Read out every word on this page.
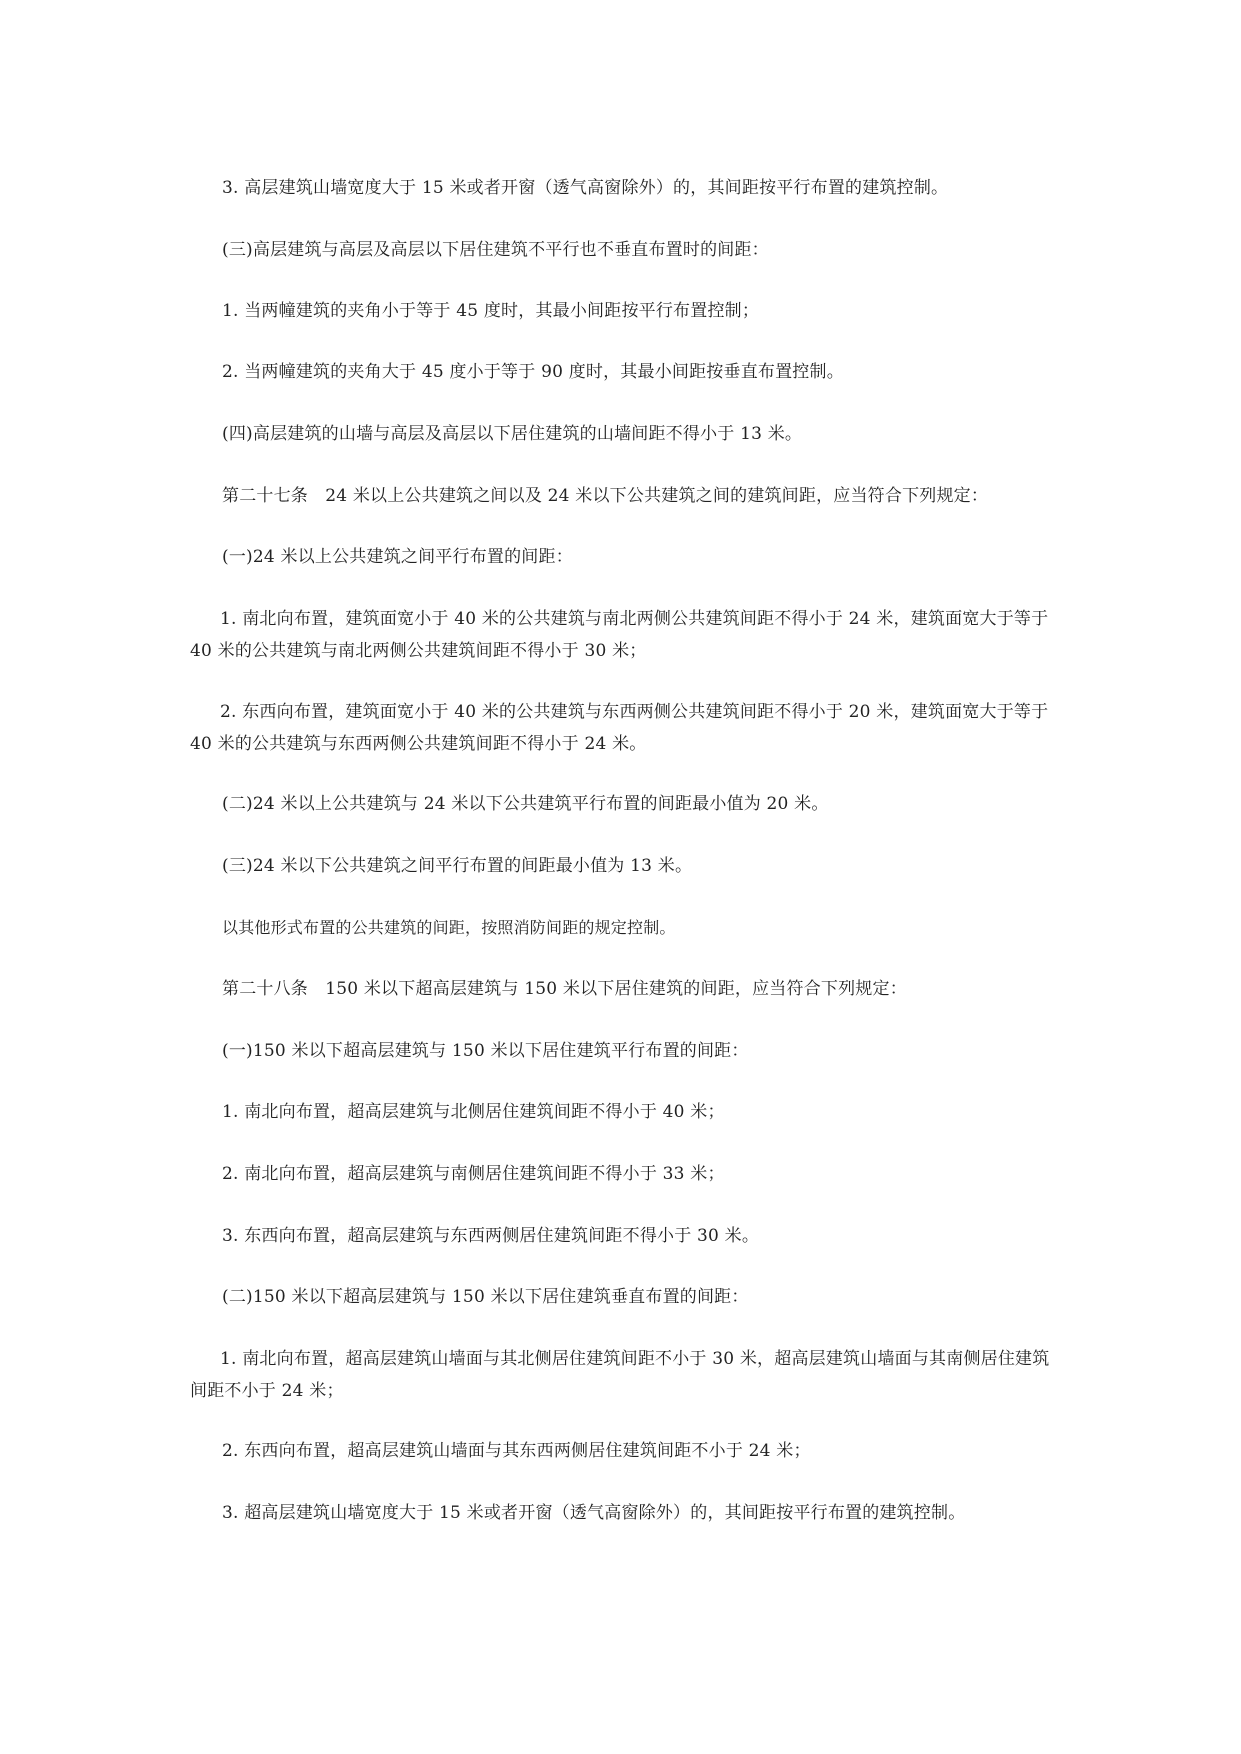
3. 高层建筑山墙宽度大于 15 米或者开窗（透气高窗除外）的，其间距按平行布置的建筑控制。

(三)高层建筑与高层及高层以下居住建筑不平行也不垂直布置时的间距：

1. 当两幢建筑的夹角小于等于 45 度时，其最小间距按平行布置控制；

2. 当两幢建筑的夹角大于 45 度小于等于 90 度时，其最小间距按垂直布置控制。

(四)高层建筑的山墙与高层及高层以下居住建筑的山墙间距不得小于 13 米。

第二十七条　24 米以上公共建筑之间以及 24 米以下公共建筑之间的建筑间距，应当符合下列规定：

(一)24 米以上公共建筑之间平行布置的间距：

1. 南北向布置，建筑面宽小于 40 米的公共建筑与南北两侧公共建筑间距不得小于 24 米，建筑面宽大于等于 40 米的公共建筑与南北两侧公共建筑间距不得小于 30 米；

2. 东西向布置，建筑面宽小于 40 米的公共建筑与东西两侧公共建筑间距不得小于 20 米，建筑面宽大于等于 40 米的公共建筑与东西两侧公共建筑间距不得小于 24 米。

(二)24 米以上公共建筑与 24 米以下公共建筑平行布置的间距最小值为 20 米。

(三)24 米以下公共建筑之间平行布置的间距最小值为 13 米。

以其他形式布置的公共建筑的间距，按照消防间距的规定控制。

第二十八条　150 米以下超高层建筑与 150 米以下居住建筑的间距，应当符合下列规定：

(一)150 米以下超高层建筑与 150 米以下居住建筑平行布置的间距：

1. 南北向布置，超高层建筑与北侧居住建筑间距不得小于 40 米；

2. 南北向布置，超高层建筑与南侧居住建筑间距不得小于 33 米；

3. 东西向布置，超高层建筑与东西两侧居住建筑间距不得小于 30 米。

(二)150 米以下超高层建筑与 150 米以下居住建筑垂直布置的间距：

1. 南北向布置，超高层建筑山墙面与其北侧居住建筑间距不小于 30 米，超高层建筑山墙面与其南侧居住建筑间距不小于 24 米；

2. 东西向布置，超高层建筑山墙面与其东西两侧居住建筑间距不小于 24 米；

3. 超高层建筑山墙宽度大于 15 米或者开窗（透气高窗除外）的，其间距按平行布置的建筑控制。
